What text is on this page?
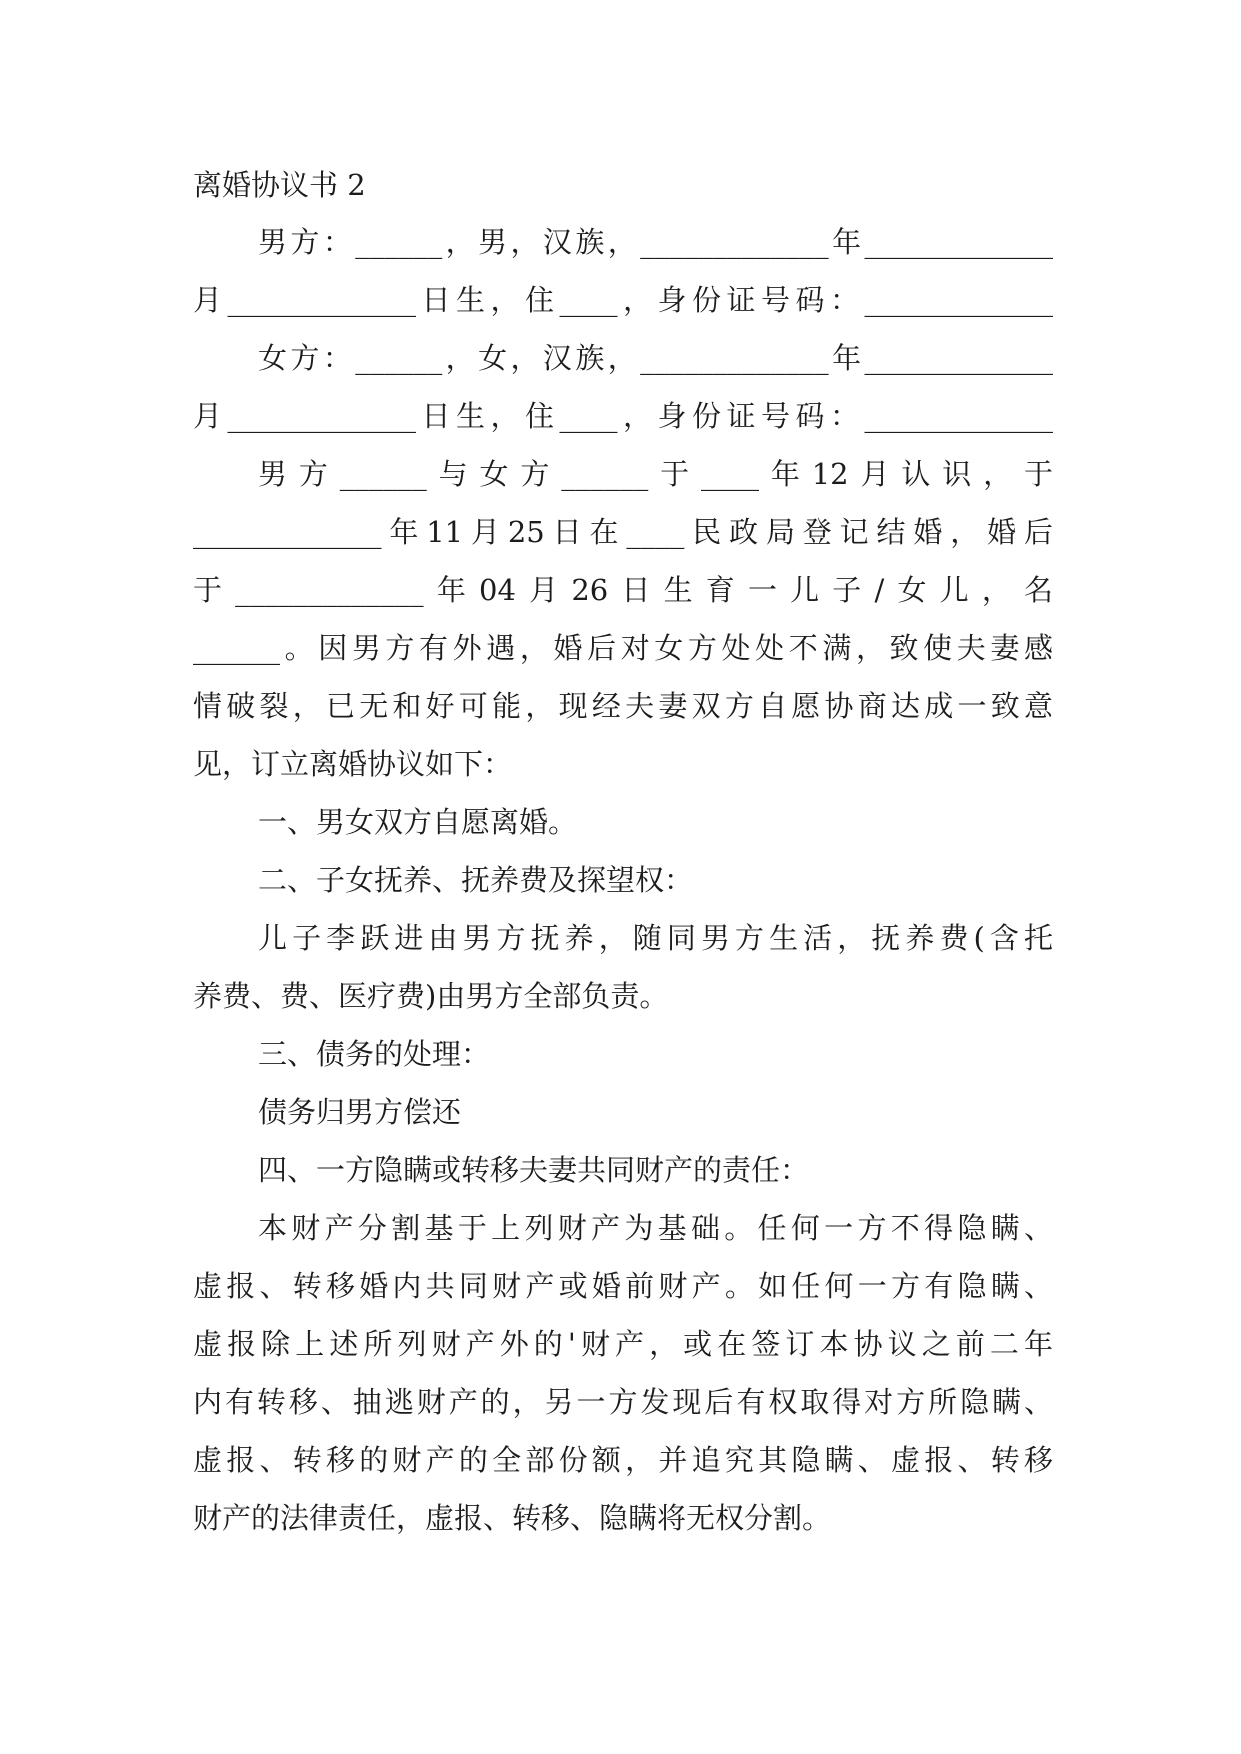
离婚协议书 2
男方：______，男，汉族，_____________年_____________
月_____________日生，住____，身份证号码：_____________
女方：______，女，汉族，_____________年_____________
月_____________日生，住____，身份证号码：_____________
男方______与女方______于____年12月认识，于
_____________年11月25日在____民政局登记结婚，婚后
于_____________年04月26日生育一儿子/女儿，名
______。因男方有外遇，婚后对女方处处不满，致使夫妻感
情破裂，已无和好可能，现经夫妻双方自愿协商达成一致意
见，订立离婚协议如下：
一、男女双方自愿离婚。
二、子女抚养、抚养费及探望权：
儿子李跃进由男方抚养，随同男方生活，抚养费(含托
养费、费、医疗费)由男方全部负责。
三、债务的处理：
债务归男方偿还
四、一方隐瞒或转移夫妻共同财产的责任：
本财产分割基于上列财产为基础。任何一方不得隐瞒、
虚报、转移婚内共同财产或婚前财产。如任何一方有隐瞒、
虚报除上述所列财产外的'财产，或在签订本协议之前二年
内有转移、抽逃财产的，另一方发现后有权取得对方所隐瞒、
虚报、转移的财产的全部份额，并追究其隐瞒、虚报、转移
财产的法律责任，虚报、转移、隐瞒将无权分割。
